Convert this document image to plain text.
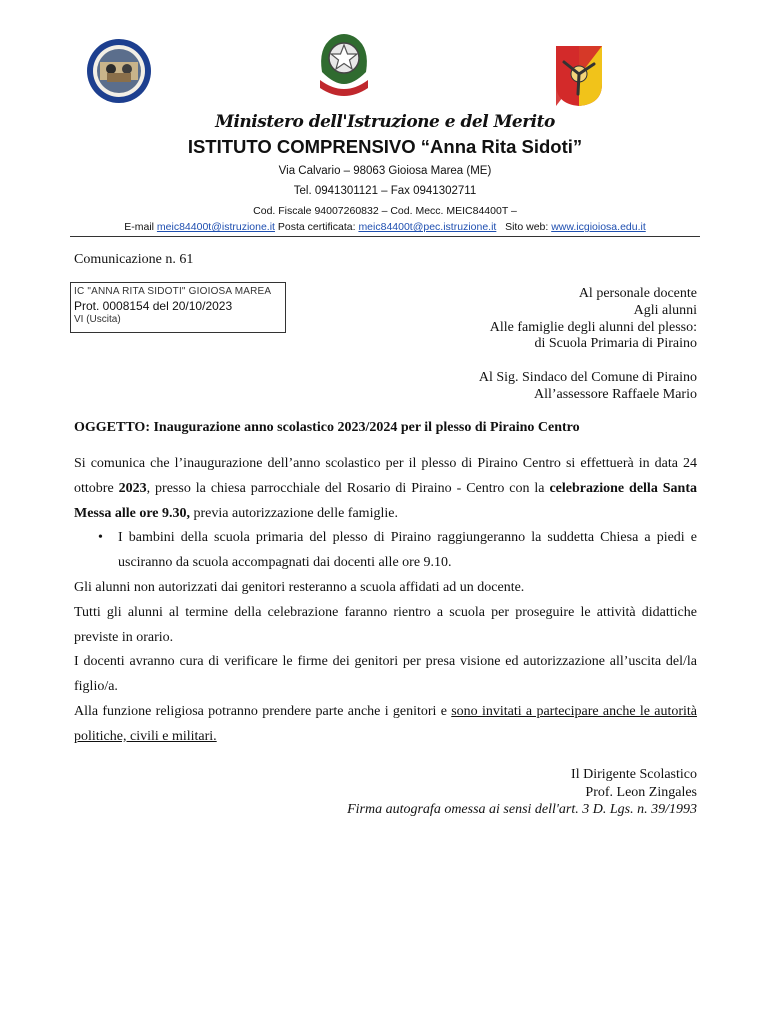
Ministero dell'Istruzione e del Merito
ISTITUTO COMPRENSIVO “Anna Rita Sidoti”
Via Calvario – 98063 Gioiosa Marea (ME)
Tel. 0941301121 – Fax 0941302711
Cod. Fiscale 94007260832 – Cod. Mecc. MEIC84400T –
E-mail meic84400t@istruzione.it Posta certificata: meic84400t@pec.istruzione.it   Sito web: www.icgioiosa.edu.it
Comunicazione n. 61
IC "ANNA RITA SIDOTI" GIOIOSA MAREA
Prot. 0008154 del 20/10/2023
VI (Uscita)
Al personale docente
Agli alunni
Alle famiglie degli alunni del plesso:
di Scuola Primaria di Piraino
Al Sig. Sindaco del Comune di Piraino
All’assessore Raffaele Mario
OGGETTO: Inaugurazione anno scolastico 2023/2024 per il plesso di Piraino Centro

Si comunica che l’inaugurazione dell’anno scolastico per il plesso di Piraino Centro si effettuerà in data 24 ottobre 2023, presso la chiesa parrocchiale del Rosario di Piraino - Centro con la celebrazione della Santa Messa alle ore 9.30, previa autorizzazione delle famiglie.

• I bambini della scuola primaria del plesso di Piraino raggiungeranno la suddetta Chiesa a piedi e usciranno da scuola accompagnati dai docenti alle ore 9.10.

Gli alunni non autorizzati dai genitori resteranno a scuola affidati ad un docente.

Tutti gli alunni al termine della celebrazione faranno rientro a scuola per proseguire le attività didattiche previste in orario.

I docenti avranno cura di verificare le firme dei genitori per presa visione ed autorizzazione all’uscita del/la figlio/a.

Alla funzione religiosa potranno prendere parte anche i genitori e sono invitati a partecipare anche le autorità politiche, civili e militari.

Il Dirigente Scolastico
Prof. Leon Zingales
Firma autografa omessa ai sensi dell'art. 3 D. Lgs. n. 39/1993
